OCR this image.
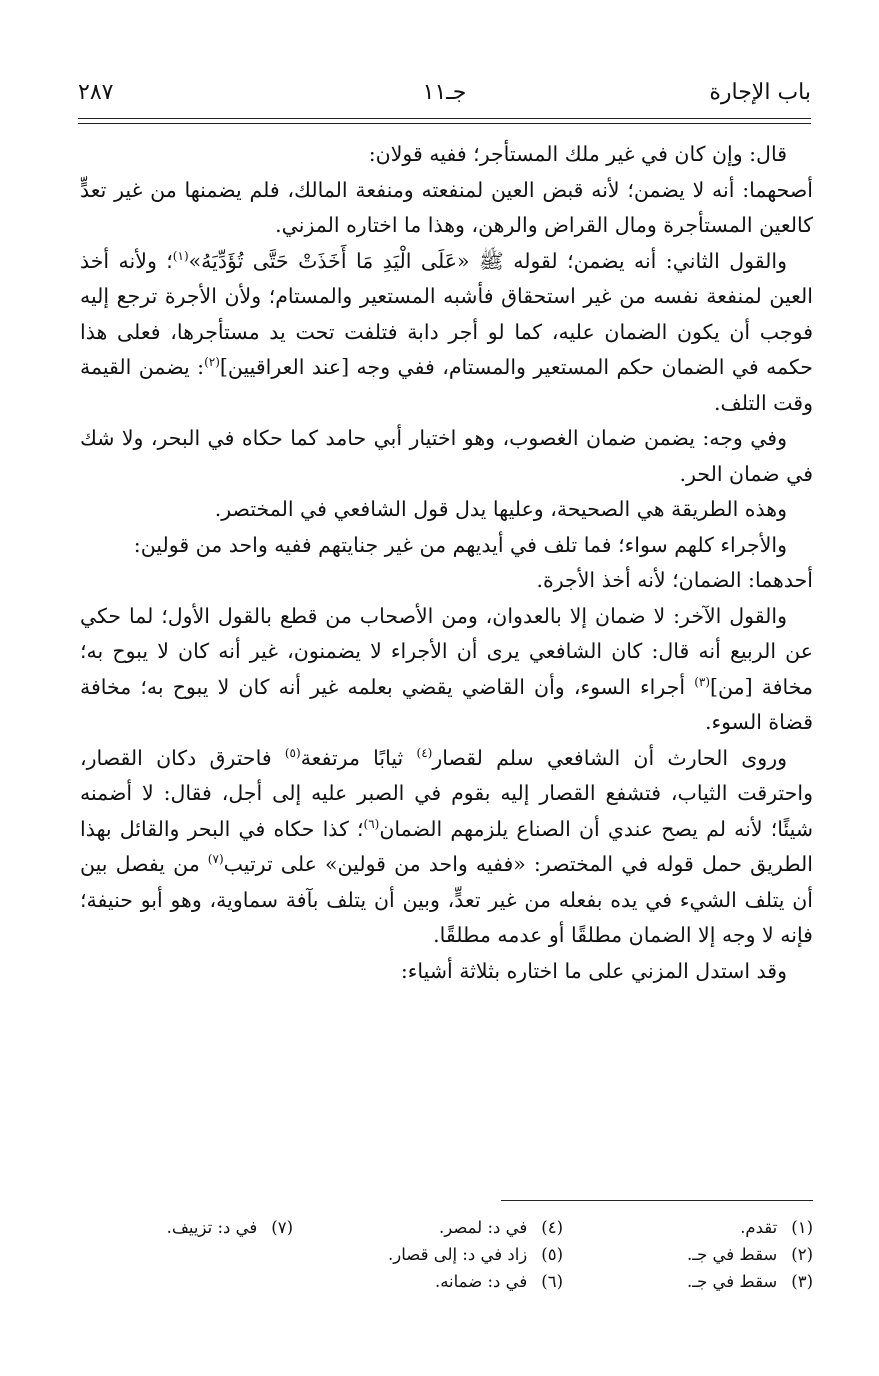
باب الإجارة
جـ١١
٢٨٧

قال: وإن كان في غير ملك المستأجر؛ ففيه قولان:

أصحهما: أنه لا يضمن؛ لأنه قبض العين لمنفعته ومنفعة المالك، فلم يضمنها من غير تعدٍّ كالعين المستأجرة ومال القراض والرهن، وهذا ما اختاره المزني.

والقول الثاني: أنه يضمن؛ لقوله ﷺ «عَلَى الْيَدِ مَا أَخَذَتْ حَتَّى تُؤَدِّيَهُ»$^{(١)}$؛ ولأنه أخذ العين لمنفعة نفسه من غير استحقاق فأشبه المستعير والمستام؛ ولأن الأجرة ترجع إليه فوجب أن يكون الضمان عليه، كما لو أجر دابة فتلفت تحت يد مستأجرها، فعلى هذا حكمه في الضمان حكم المستعير والمستام، ففي وجه [عند العراقيين]$^{(٢)}$: يضمن القيمة وقت التلف.

وفي وجه: يضمن ضمان الغصوب، وهو اختيار أبي حامد كما حكاه في البحر، ولا شك في ضمان الحر.

وهذه الطريقة هي الصحيحة، وعليها يدل قول الشافعي في المختصر.

والأجراء كلهم سواء؛ فما تلف في أيديهم من غير جنايتهم ففيه واحد من قولين:

أحدهما: الضمان؛ لأنه أخذ الأجرة.

والقول الآخر: لا ضمان إلا بالعدوان، ومن الأصحاب من قطع بالقول الأول؛ لما حكي عن الربيع أنه قال: كان الشافعي يرى أن الأجراء لا يضمنون، غير أنه كان لا يبوح به؛ مخافة [من]$^{(٣)}$ أجراء السوء، وأن القاضي يقضي بعلمه غير أنه كان لا يبوح به؛ مخافة قضاة السوء.

وروى الحارث أن الشافعي سلم لقصار$^{(٤)}$ ثيابًا مرتفعة$^{(٥)}$ فاحترق دكان القصار، واحترقت الثياب، فتشفع القصار إليه بقوم في الصبر عليه إلى أجل، فقال: لا أضمنه شيئًا؛ لأنه لم يصح عندي أن الصناع يلزمهم الضمان$^{(٦)}$؛ كذا حكاه في البحر والقائل بهذا الطريق حمل قوله في المختصر: «ففيه واحد من قولين» على ترتيب$^{(٧)}$ من يفصل بين أن يتلف الشيء في يده بفعله من غير تعدٍّ، وبين أن يتلف بآفة سماوية، وهو أبو حنيفة؛ فإنه لا وجه إلا الضمان مطلقًا أو عدمه مطلقًا.

وقد استدل المزني على ما اختاره بثلاثة أشياء:

(١)تقدم.
(٢)سقط في جـ.
(٣)سقط في جـ.
(٤)في د: لمصر.
(٥)زاد في د: إلى قصار.
(٦)في د: ضمانه.
(٧)في د: تزييف.
